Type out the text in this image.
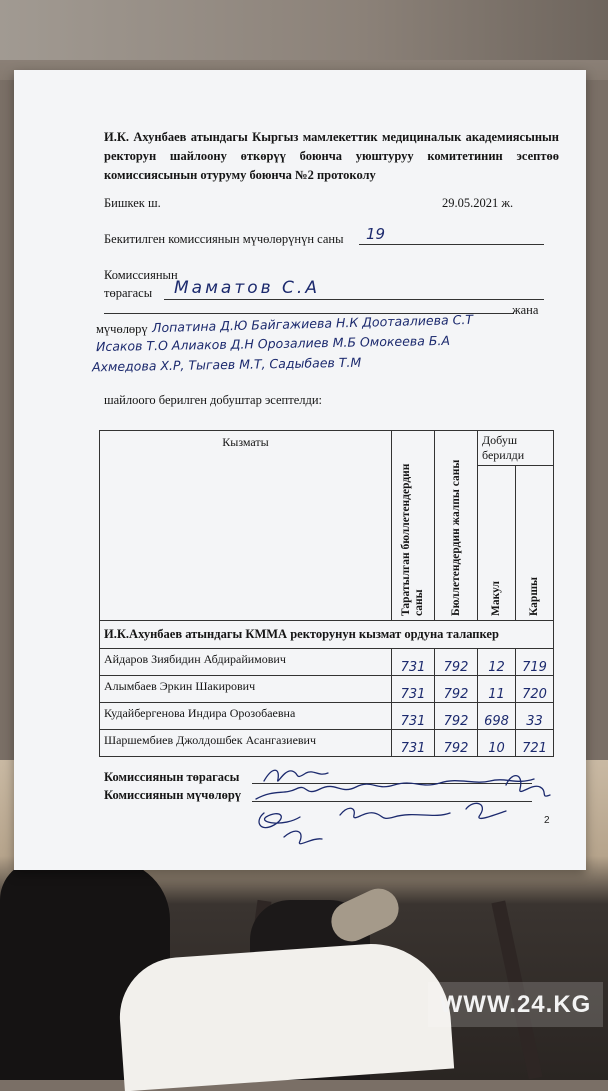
И.К. Ахунбаев атындагы Кыргыз мамлекеттик медициналык академиясынын ректорун шайлоону өткөрүү боюнча уюштуруу комитетинин эсептөө комиссиясынын отуруму боюнча №2 протоколу
Бишкек ш.	29.05.2021 ж.
Бекитилген комиссиянын мүчөлөрүнүн саны 19
Комиссиянын
төрагасы Маматов С.А
жана
мүчөлөрү Лопатина Д.Ю Байгажиева Н.К Доотаалиева С.Т
Исаков Т.О Алиаков Д.Н Орозалиев М.Б Омокеева Б.А
Ахмедова Х.Р, Тыгаев М.Т, Садыбаев Т.М
шайлоого берилген добуштар эсептелди:
Кызматы	Таратылган бюллетендердин саны	Бюллетендердин жалпы саны	Добуш берилди	

			Макул	Каршы

И.К.Ахунбаев атындагы КММА ректорунун кызмат ордуна талапкер				
Айдаров Зиябидин Абдирайимович	731	792	12	719
Алымбаев Эркин Шакирович	731	792	11	720
Кудайбергенова Индира Орозобаевна	731	792	698	33
Шаршембиев Джолдошбек Асангазиевич	731	792	10	721
Комиссиянын төрагасы
Комиссиянын мүчөлөрү
2
WWW.24.KG
